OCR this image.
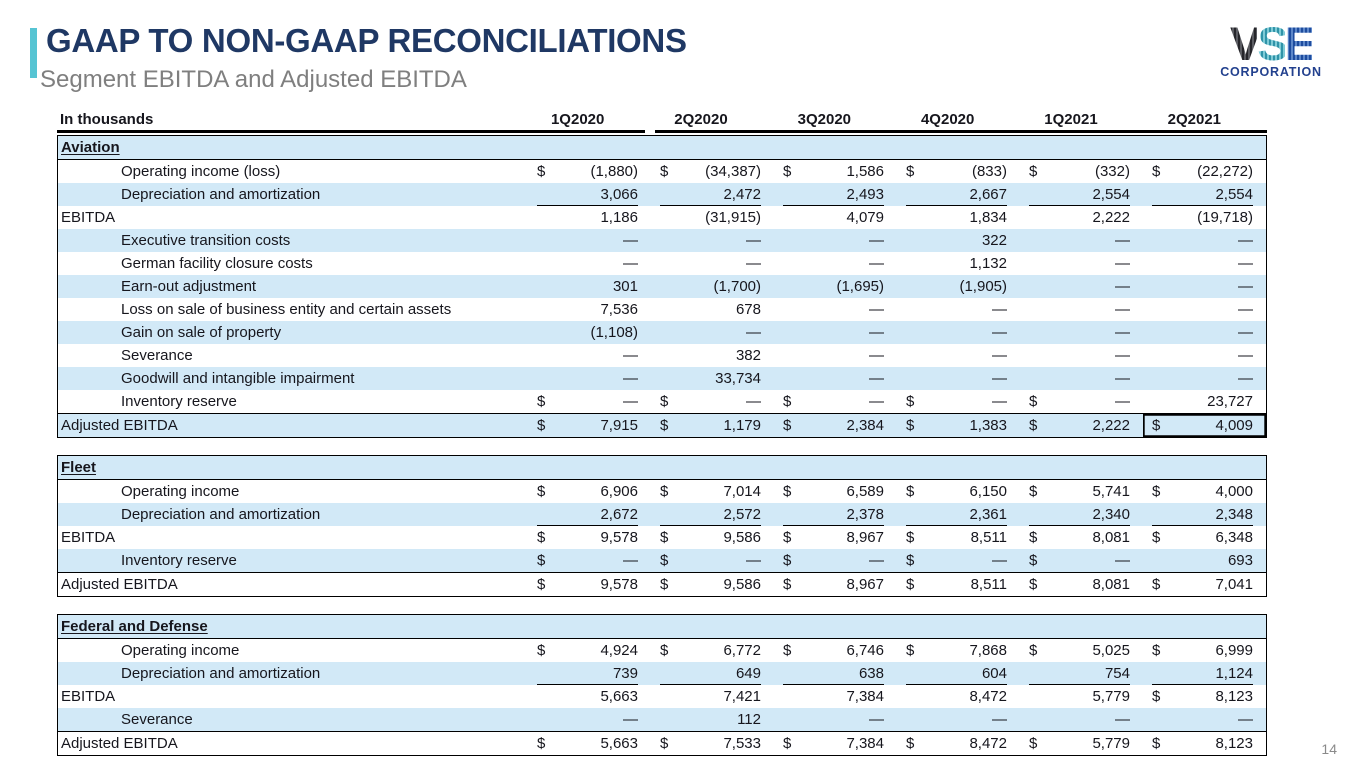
GAAP TO NON-GAAP RECONCILIATIONS
Segment EBITDA and Adjusted EBITDA
VSE
CORPORATION
In thousands	1Q2020	2Q2020	3Q2020	4Q2020	1Q2021	2Q2021
Aviation
Operating income (loss)	$	(1,880) $ (34,387) $	1,586 $	(833) $	(332) $ (22,272)
Depreciation and amortization	3,066	2,472	2,493	2,667	2,554	2,554
EBITDA	1,186	(31,915)	4,079	1,834	2,222	(19,718)
Executive transition costs	—	—	—	322	—	—
German facility closure costs	—	—	—	1,132	—	—
Earn-out adjustment	301	(1,700)	(1,695)	(1,905)	—	—
Loss on sale of business entity and certain assets	7,536	678	—	—	—	—
Gain on sale of property	(1,108)	—	—	—	—	—
Severance	—	382	—	—	—	—
Goodwill and intangible impairment	—	33,734	—	—	—	—
Inventory reserve	$	— $	— $	— $	— $	—	23,727
Adjusted EBITDA	$	7,915 $	1,179 $	2,384 $	1,383 $	2,222 $	4,009
Fleet
Operating income	$	6,906 $	7,014 $	6,589 $	6,150 $	5,741 $	4,000
Depreciation and amortization	2,672	2,572	2,378	2,361	2,340	2,348
EBITDA	$	9,578 $	9,586 $	8,967 $	8,511 $	8,081 $	6,348
Inventory reserve	$	— $	— $	— $	— $	—	693
Adjusted EBITDA	$	9,578 $	9,586 $	8,967 $	8,511 $	8,081 $	7,041
Federal and Defense
Operating income	$	4,924 $	6,772 $	6,746 $	7,868 $	5,025 $	6,999
Depreciation and amortization	739	649	638	604	754	1,124
EBITDA	5,663	7,421	7,384	8,472	5,779 $	8,123
Severance	—	112	—	—	—	—
Adjusted EBITDA	$	5,663 $	7,533 $	7,384 $	8,472 $	5,779 $	8,123	14
